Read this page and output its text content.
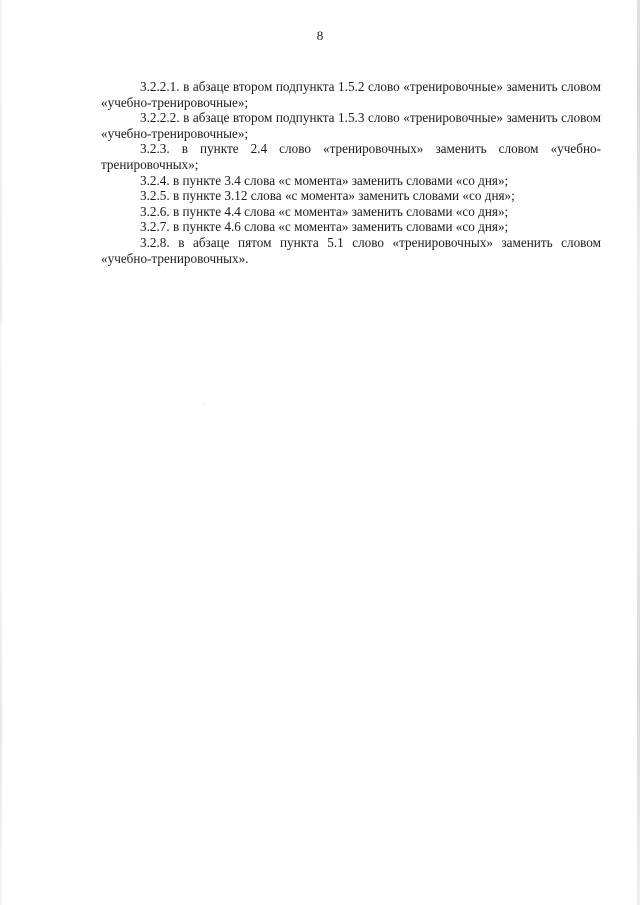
8

3.2.2.1. в абзаце втором подпункта 1.5.2 слово «тренировочные» заменить словом «учебно-тренировочные»;

3.2.2.2. в абзаце втором подпункта 1.5.3 слово «тренировочные» заменить словом «учебно-тренировочные»;

3.2.3. в пункте 2.4 слово «тренировочных» заменить словом «учебно-тренировочных»;

3.2.4. в пункте 3.4 слова «с момента» заменить словами «со дня»;

3.2.5. в пункте 3.12 слова «с момента» заменить словами «со дня»;

3.2.6. в пункте 4.4 слова «с момента» заменить словами «со дня»;

3.2.7. в пункте 4.6 слова «с момента» заменить словами «со дня»;

3.2.8. в абзаце пятом пункта 5.1 слово «тренировочных» заменить словом «учебно-тренировочных».
